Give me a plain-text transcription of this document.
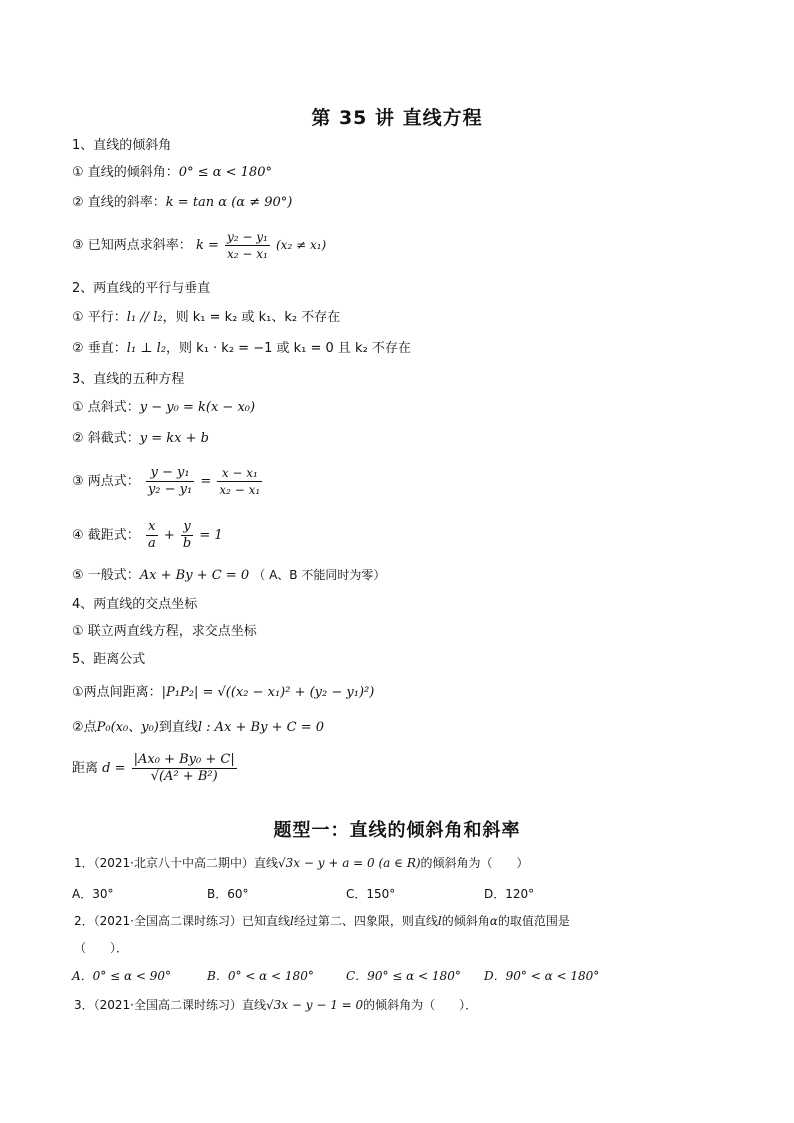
第 35 讲 直线方程
1、直线的倾斜角
① 直线的倾斜角：0° ≤ α < 180°
② 直线的斜率：k = tan α (α ≠ 90°)
③ 已知两点求斜率： $k = \frac{\text{y₂ − y₁}}{\text{x₂ − x₁}} (x_2 \ne x_1)$
2、两直线的平行与垂直
① 平行：l₁ // l₂，则 k₁ = k₂ 或 k₁、k₂ 不存在
② 垂直：l₁ ⊥ l₂，则 k₁ · k₂ = −1 或 k₁ = 0 且 k₂ 不存在
3、直线的五种方程
① 点斜式：y − y₀ = k(x − x₀)
② 斜截式：y = kx + b
③ 两点式： $\frac{\text{y − y₁}}{\text{y₂ − y₁}} = \frac{\text{x − x₁}}{\text{x₂ − x₁}}$
④ 截距式： $\frac{x}{a} + \frac{y}{b} = 1$
⑤ 一般式：Ax + By + C = 0 （ A、B 不能同时为零）
4、两直线的交点坐标
① 联立两直线方程，求交点坐标
5、距离公式
①两点间距离：|P₁P₂| = √((x₂ − x₁)² + (y₂ − y₁)²)
②点P₀(x₀、y₀)到直线l : Ax + By + C = 0
距离 $d = \frac{\text{|Ax₀ + By₀ + C|}}{\text{√(A² + B²)}}$
题型一：直线的倾斜角和斜率
1．（2021·北京八十中高二期中）直线√3x − y + a = 0 (a ∈ R)的倾斜角为（　　）
A．30°	B．60°	C．150°	D．120°
2．（2021·全国高二课时练习）已知直线l经过第二、四象限，则直线l的倾斜角α的取值范围是
（　　）．
A．0° ≤ α < 90°	B．0° < α < 180°	C．90° ≤ α < 180° D．90° < α < 180°
3．（2021·全国高二课时练习）直线√3x − y − 1 = 0的倾斜角为（　　）．
